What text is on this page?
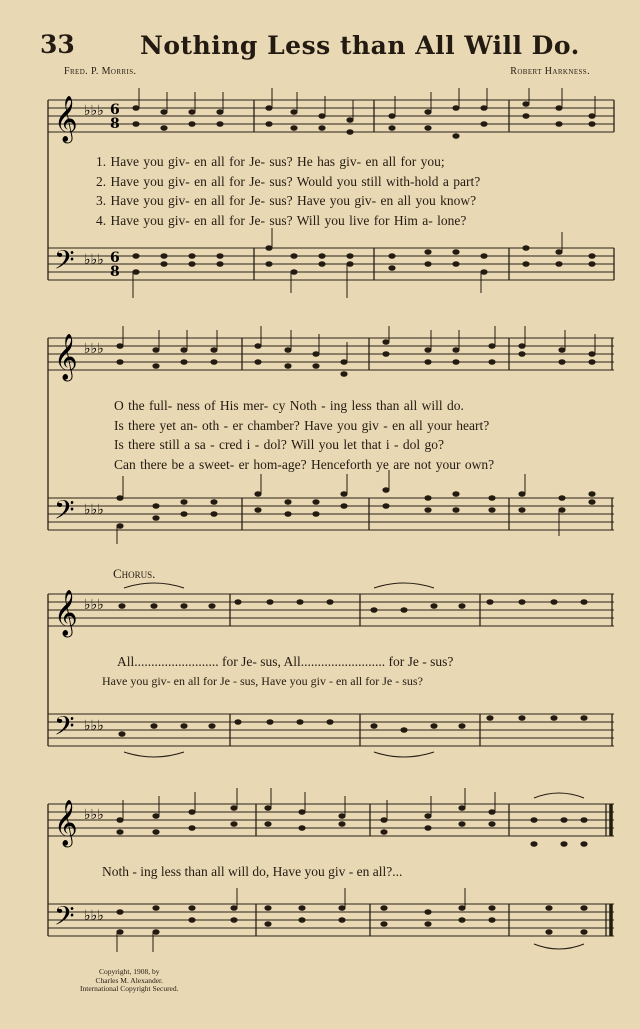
33	Nothing Less than All Will Do.
Fred. P. Morris.	Robert Harkness.
𝄞
𝄢
♭♭♭
♭♭♭
6
8
6
8
1. Have you giv- en all for Je- sus? He has giv- en all for you;
2. Have you giv- en all for Je- sus? Would you still with-hold a part?
3. Have you giv- en all for Je- sus? Have you giv- en all you know?
4. Have you giv- en all for Je- sus? Will you live for Him a- lone?
𝄞
𝄢
♭♭♭
♭♭♭
O the full- ness of His mer- cy Noth - ing less than all will do.
Is there yet an- oth - er chamber? Have you giv - en all your heart?
Is there still a sa - cred i - dol? Will you let that i - dol go?
Can there be a sweet- er hom-age? Henceforth ye are not your own?
Chorus.
𝄞
𝄢
♭♭♭
♭♭♭
All......................... for Je- sus, All......................... for Je - sus?
Have you giv- en all for Je - sus, Have you giv - en all for Je - sus?
𝄞
𝄢
♭♭♭
♭♭♭
Noth - ing less than all will do, Have you giv - en all?...
Copyright, 1908, by
Charles M. Alexander.
International Copyright Secured.
